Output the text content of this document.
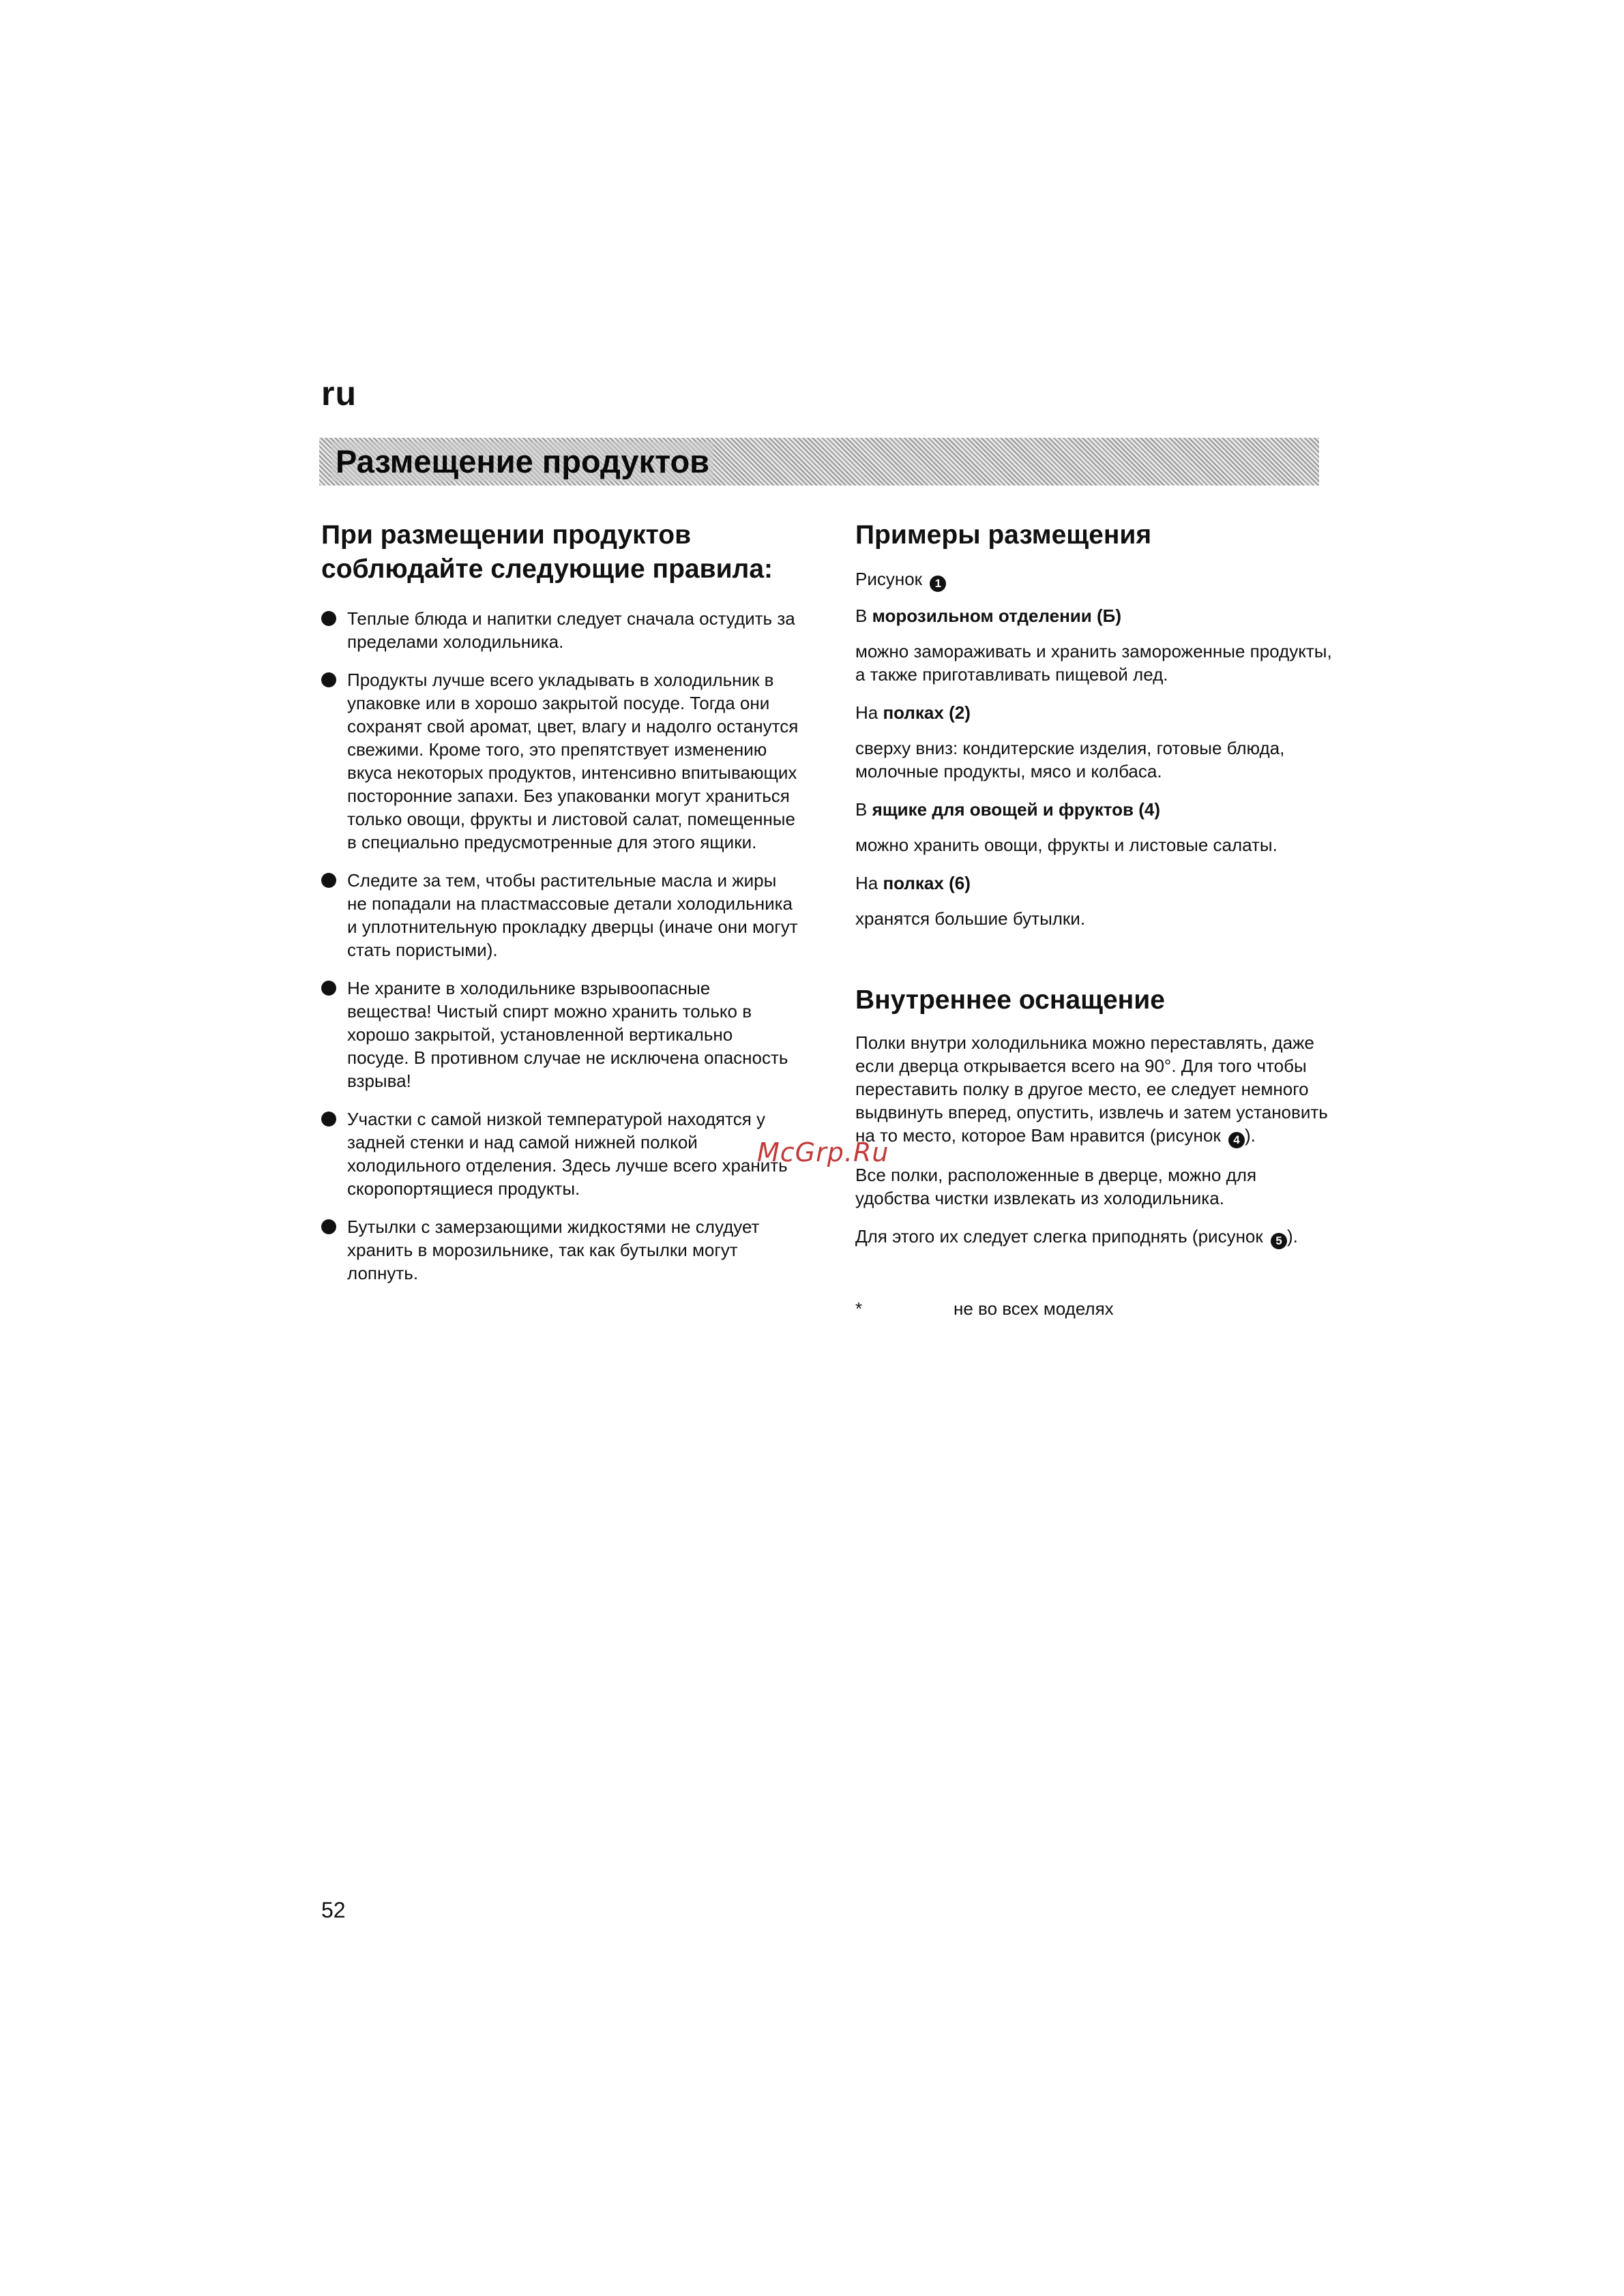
ru
Размещение продуктов
При размещении продуктов соблюдайте следующие правила:
Теплые блюда и напитки следует сначала остудить за пределами холодильника.
Продукты лучше всего укладывать в холодильник в упаковке или в хорошо закрытой посуде. Тогда они сохранят свой аромат, цвет, влагу и надолго останутся свежими. Кроме того, это препятствует изменению вкуса некоторых продуктов, интенсивно впитывающих посторонние запахи. Без упакованки могут храниться только овощи, фрукты и листовой салат, помещенные в специально предусмотренные для этого ящики.
Следите за тем, чтобы растительные масла и жиры не попадали на пластмассовые детали холодильника и уплотнительную прокладку дверцы (иначе они могут стать пористыми).
Не храните в холодильнике взрывоопасные вещества! Чистый спирт можно хранить только в хорошо закрытой, установленной вертикально посуде. В противном случае не исключена опасность взрыва!
Участки с самой низкой температурой находятся у задней стенки и над самой нижней полкой холодильного отделения. Здесь лучше всего хранить скоропортящиеся продукты.
Бутылки с замерзающими жидкостями не слудует хранить в морозильнике, так как бутылки могут лопнуть.
Примеры размещения

Рисунок 1

В морозильном отделении (Б)

можно замораживать и хранить замороженные продукты, а также приготавливать пищевой лед.

На полках (2)

сверху вниз: кондитерские изделия, готовые блюда, молочные продукты, мясо и колбаса.

В ящике для овощей и фруктов (4)

можно хранить овощи, фрукты и листовые салаты.

На полках (6)

хранятся большие бутылки.

Внутреннее оснащение

Полки внутри холодильника можно переставлять, даже если дверца открывается всего на 90°. Для того чтобы переставить полку в другое место, ее следует немного выдвинуть вперед, опустить, извлечь и затем установить на то место, которое Вам нравится (рисунок 4 ).

Все полки, расположенные в дверце, можно для удобства чистки извлекать из холодильника.

Для этого их следует слегка приподнять (рисунок 5 ).

*	не во всех моделях
McGrp.Ru
52
